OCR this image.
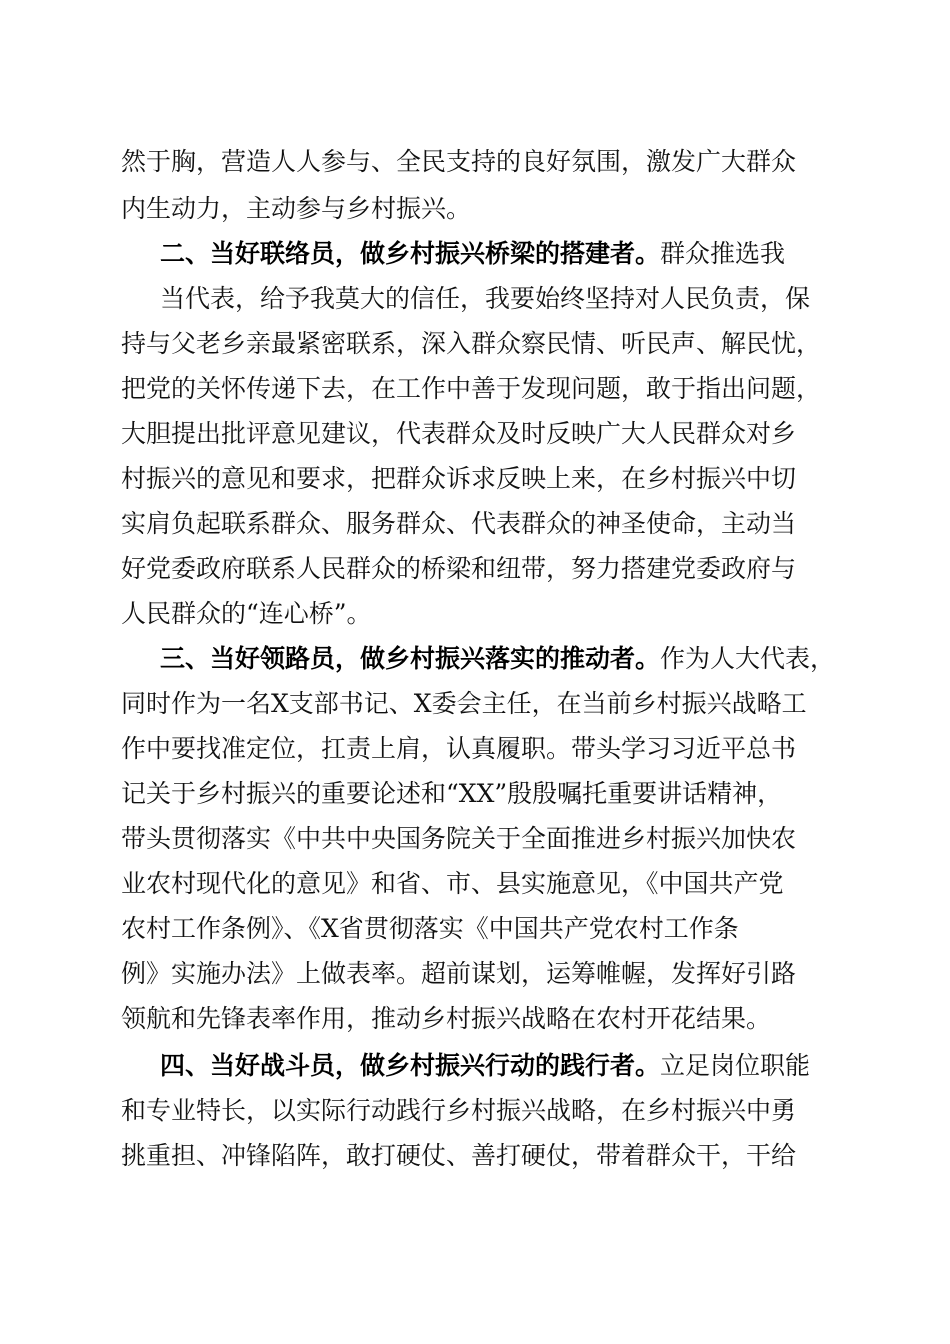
然于胸，营造人人参与、全民支持的良好氛围，激发广大群众
内生动力，主动参与乡村振兴。
二、当好联络员，做乡村振兴桥梁的搭建者。群众推选我
当代表，给予我莫大的信任，我要始终坚持对人民负责，保
持与父老乡亲最紧密联系，深入群众察民情、听民声、解民忧，
把党的关怀传递下去，在工作中善于发现问题，敢于指出问题，
大胆提出批评意见建议，代表群众及时反映广大人民群众对乡
村振兴的意见和要求，把群众诉求反映上来，在乡村振兴中切
实肩负起联系群众、服务群众、代表群众的神圣使命，主动当
好党委政府联系人民群众的桥梁和纽带，努力搭建党委政府与
人民群众的“连心桥”。
三、当好领路员，做乡村振兴落实的推动者。作为人大代表，
同时作为一名X支部书记、X委会主任，在当前乡村振兴战略工
作中要找准定位，扛责上肩，认真履职。带头学习习近平总书
记关于乡村振兴的重要论述和“XX”殷殷嘱托重要讲话精神，
带头贯彻落实《中共中央国务院关于全面推进乡村振兴加快农
业农村现代化的意见》和省、市、县实施意见，《中国共产党
农村工作条例》、《X省贯彻落实《中国共产党农村工作条
例》实施办法》上做表率。超前谋划，运筹帷幄，发挥好引路
领航和先锋表率作用，推动乡村振兴战略在农村开花结果。
四、当好战斗员，做乡村振兴行动的践行者。立足岗位职能
和专业特长，以实际行动践行乡村振兴战略，在乡村振兴中勇
挑重担、冲锋陷阵，敢打硬仗、善打硬仗，带着群众干，干给
